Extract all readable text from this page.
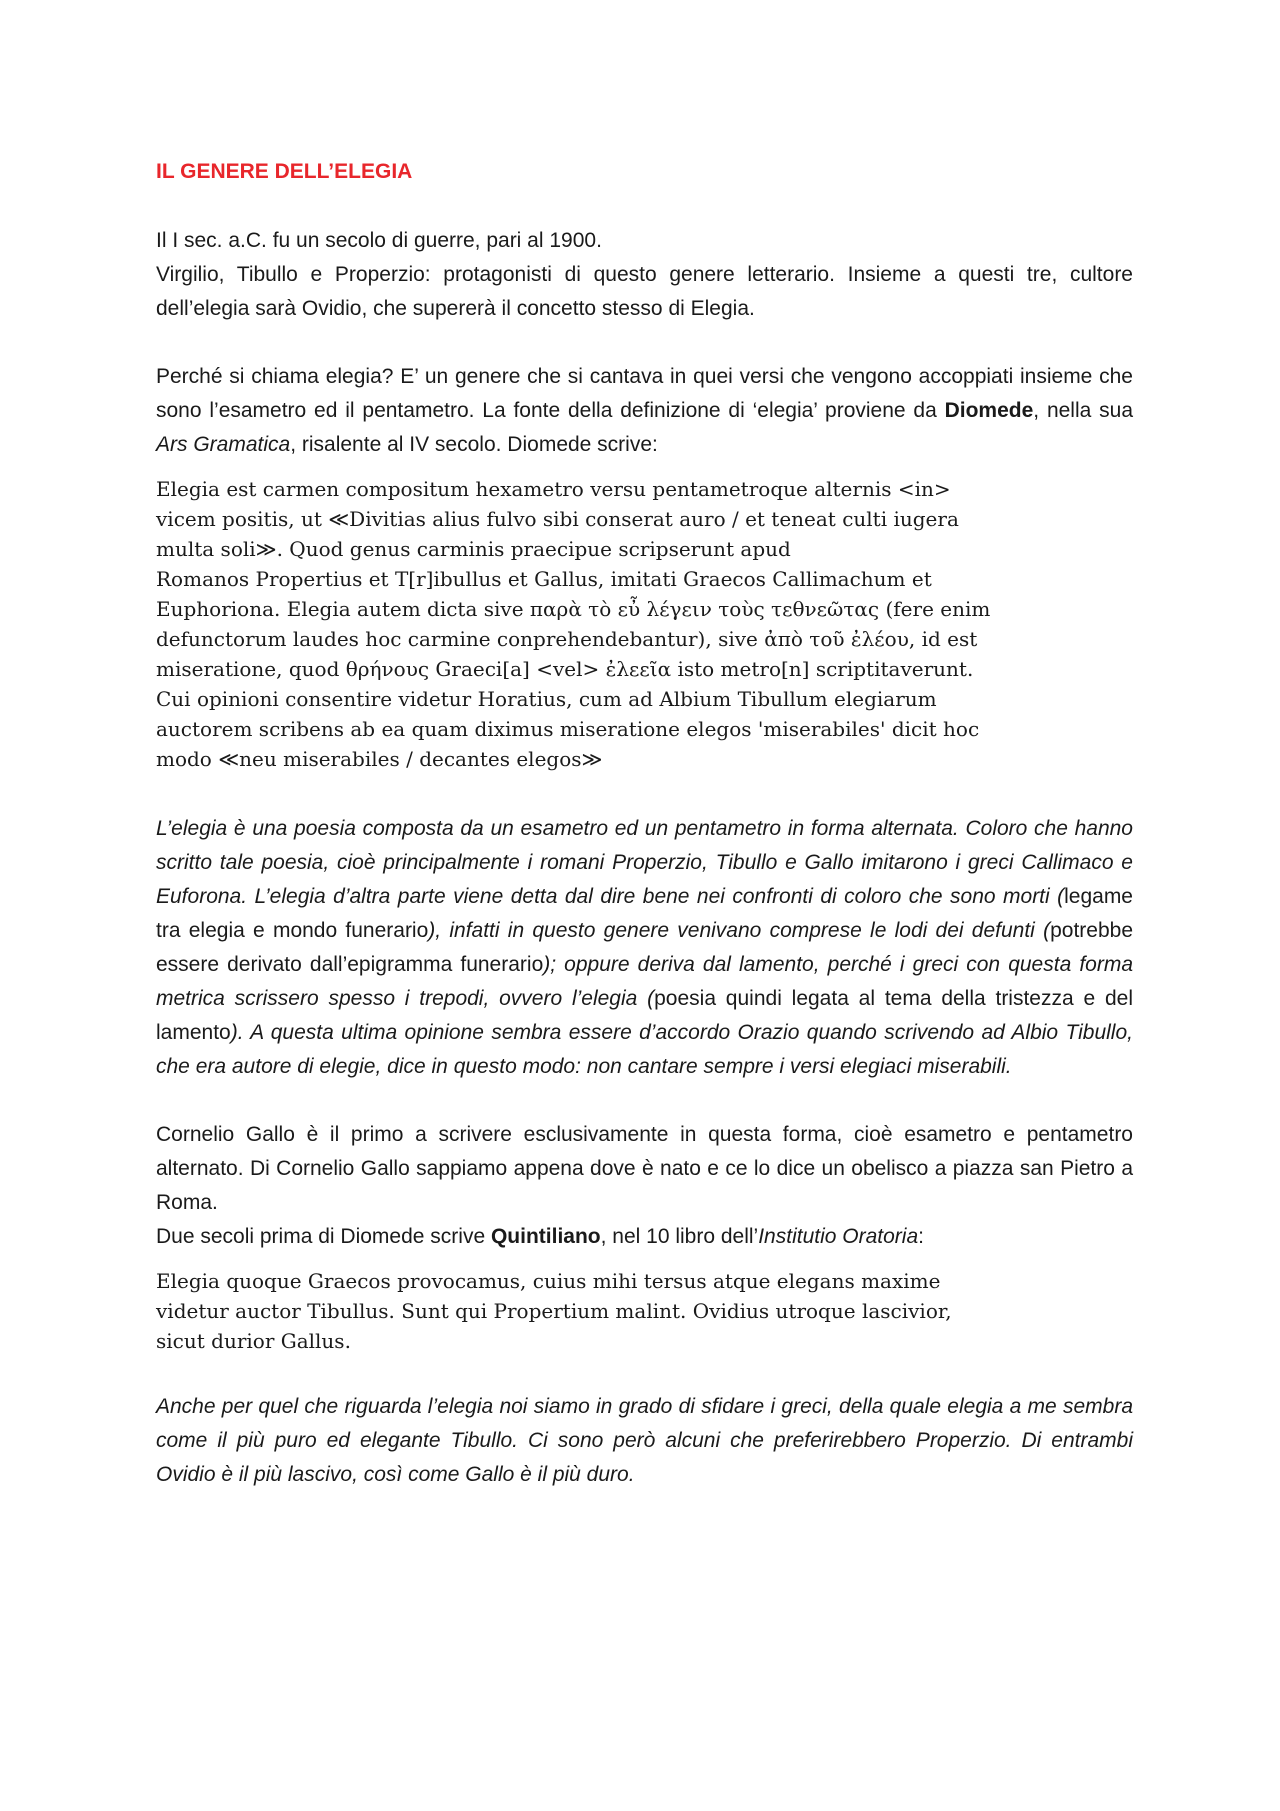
IL GENERE DELL’ELEGIA

Il I sec. a.C. fu un secolo di guerre, pari al 1900.
Virgilio, Tibullo e Properzio: protagonisti di questo genere letterario. Insieme a questi tre, cultore dell’elegia sarà Ovidio, che supererà il concetto stesso di Elegia.

Perché si chiama elegia? E’ un genere che si cantava in quei versi che vengono accoppiati insieme che sono l’esametro ed il pentametro. La fonte della definizione di ‘elegia’ proviene da Diomede, nella sua Ars Gramatica, risalente al IV secolo. Diomede scrive:

Elegia est carmen compositum hexametro versu pentametroque alternis <in>
vicem positis, ut ≪Divitias alius fulvo sibi conserat auro / et teneat culti iugera
multa soli≫. Quod genus carminis praecipue scripserunt apud
Romanos Propertius et T[r]ibullus et Gallus, imitati Graecos Callimachum et
Euphoriona. Elegia autem dicta sive παρὰ τὸ εὖ λέγειν τοὺς τεθνεῶτας (fere enim
defunctorum laudes hoc carmine conprehendebantur), sive ἀπὸ τοῦ ἐλέου, id est
miseratione, quod θρήνους Graeci[a] <vel> ἐλεεῖα isto metro[n] scriptitaverunt.
Cui opinioni consentire videtur Horatius, cum ad Albium Tibullum elegiarum
auctorem scribens ab ea quam diximus miseratione elegos 'miserabiles' dicit hoc
modo ≪neu miserabiles / decantes elegos≫

L’elegia è una poesia composta da un esametro ed un pentametro in forma alternata. Coloro che hanno scritto tale poesia, cioè principalmente i romani Properzio, Tibullo e Gallo imitarono i greci Callimaco e Euforona. L’elegia d’altra parte viene detta dal dire bene nei confronti di coloro che sono morti (legame tra elegia e mondo funerario), infatti in questo genere venivano comprese le lodi dei defunti (potrebbe essere derivato dall’epigramma funerario); oppure deriva dal lamento, perché i greci con questa forma metrica scrissero spesso i trepodi, ovvero l’elegia (poesia quindi legata al tema della tristezza e del lamento). A questa ultima opinione sembra essere d’accordo Orazio quando scrivendo ad Albio Tibullo, che era autore di elegie, dice in questo modo: non cantare sempre i versi elegiaci miserabili.

Cornelio Gallo è il primo a scrivere esclusivamente in questa forma, cioè esametro e pentametro alternato. Di Cornelio Gallo sappiamo appena dove è nato e ce lo dice un obelisco a piazza san Pietro a Roma.
Due secoli prima di Diomede scrive Quintiliano, nel 10 libro dell’Institutio Oratoria:

Elegia quoque Graecos provocamus, cuius mihi tersus atque elegans maxime
videtur auctor Tibullus. Sunt qui Propertium malint. Ovidius utroque lascivior,
sicut durior Gallus.

Anche per quel che riguarda l’elegia noi siamo in grado di sfidare i greci, della quale elegia a me sembra come il più puro ed elegante Tibullo. Ci sono però alcuni che preferirebbero Properzio. Di entrambi Ovidio è il più lascivo, così come Gallo è il più duro.
